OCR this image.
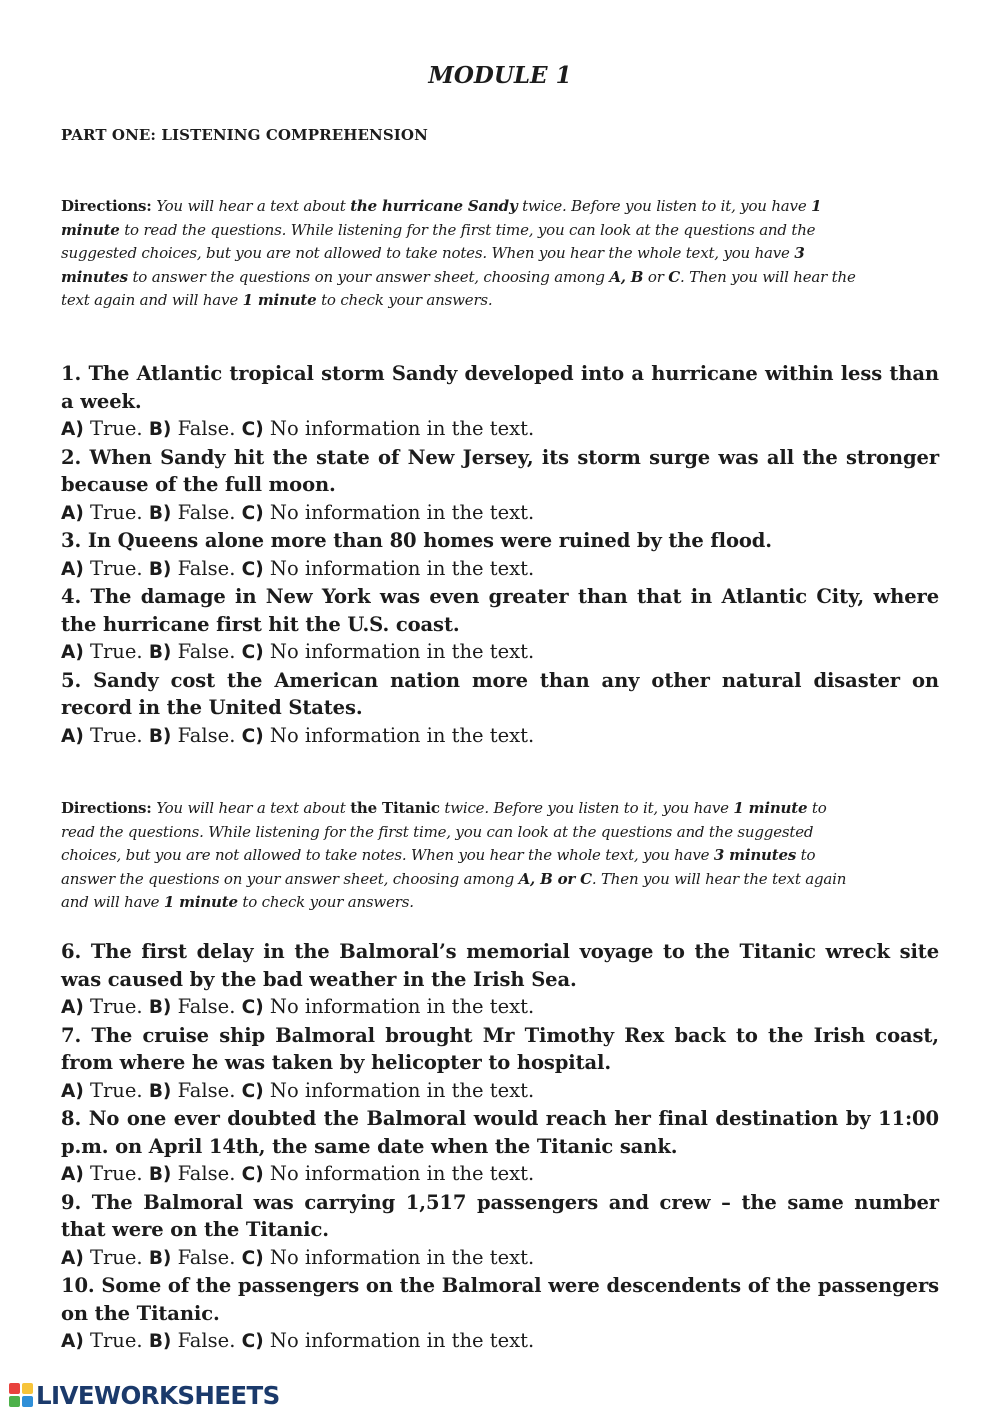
MODULE 1
PART ONE: LISTENING COMPREHENSION

Directions: You will hear a text about the hurricane Sandy twice. Before you listen to it, you have 1 minute to read the questions. While listening for the first time, you can look at the questions and the suggested choices, but you are not allowed to take notes. When you hear the whole text, you have 3 minutes to answer the questions on your answer sheet, choosing among A, B or C. Then you will hear the text again and will have 1 minute to check your answers.

1. The Atlantic tropical storm Sandy developed into a hurricane within less than a week.

A) True. B) False. C) No information in the text.

2. When Sandy hit the state of New Jersey, its storm surge was all the stronger because of the full moon.

A) True. B) False. C) No information in the text.

3. In Queens alone more than 80 homes were ruined by the flood.

A) True. B) False. C) No information in the text.

4. The damage in New York was even greater than that in Atlantic City, where the hurricane first hit the U.S. coast.

A) True. B) False. C) No information in the text.

5. Sandy cost the American nation more than any other natural disaster on record in the United States.

A) True. B) False. C) No information in the text.

Directions: You will hear a text about the Titanic twice. Before you listen to it, you have 1 minute to read the questions. While listening for the first time, you can look at the questions and the suggested choices, but you are not allowed to take notes. When you hear the whole text, you have 3 minutes to answer the questions on your answer sheet, choosing among A, B or C. Then you will hear the text again and will have 1 minute to check your answers.

6. The first delay in the Balmoral’s memorial voyage to the Titanic wreck site was caused by the bad weather in the Irish Sea.

A) True. B) False. C) No information in the text.

7. The cruise ship Balmoral brought Mr Timothy Rex back to the Irish coast, from where he was taken by helicopter to hospital.

A) True. B) False. C) No information in the text.

8. No one ever doubted the Balmoral would reach her final destination by 11:00 p.m. on April 14th, the same date when the Titanic sank.

A) True. B) False. C) No information in the text.

9. The Balmoral was carrying 1,517 passengers and crew – the same number that were on the Titanic.

A) True. B) False. C) No information in the text.

10. Some of the passengers on the Balmoral were descendents of the passengers on the Titanic.

A) True. B) False. C) No information in the text.

LIVEWORKSHEETS
